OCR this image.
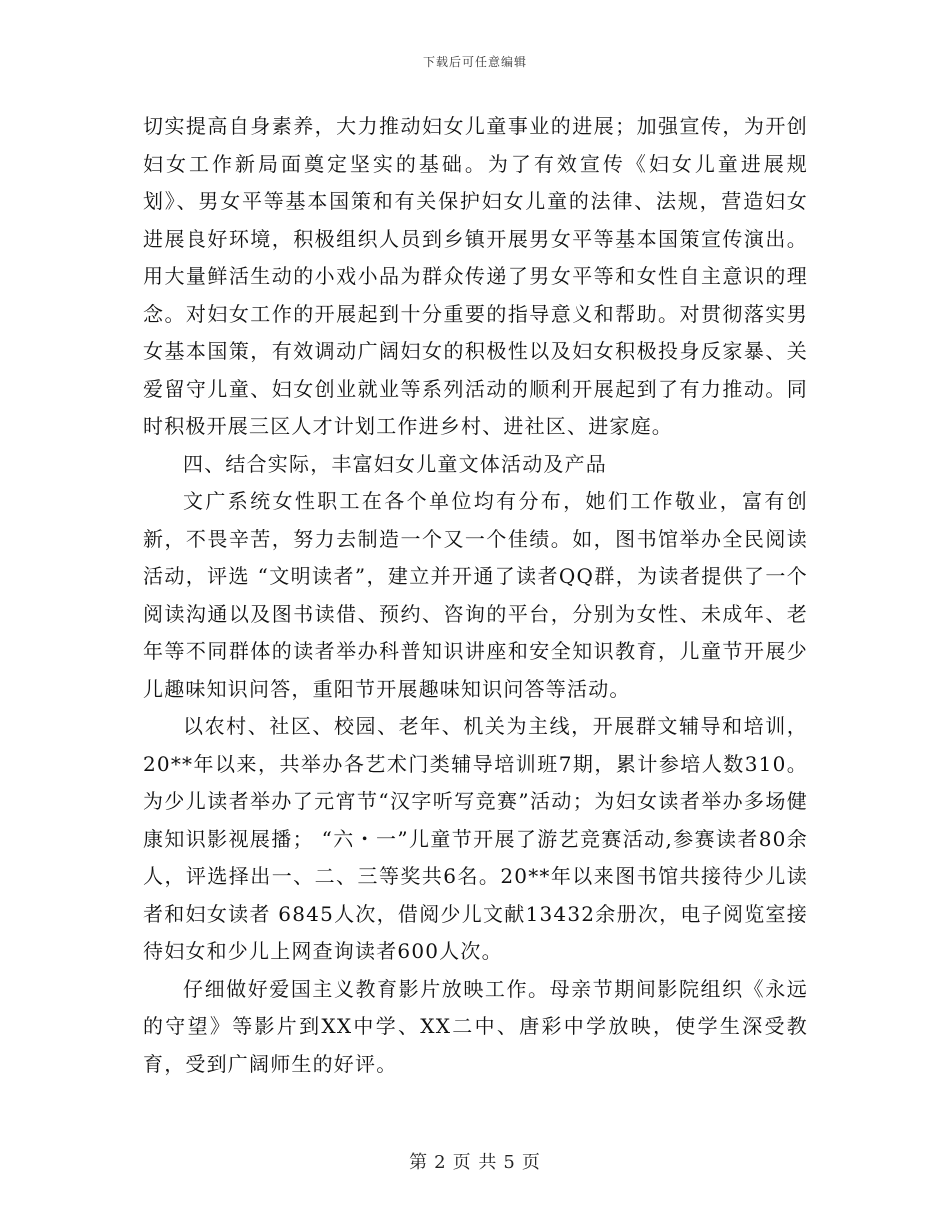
下载后可任意编辑

切实提高自身素养，大力推动妇女儿童事业的进展；加强宣传，为开创妇女工作新局面奠定坚实的基础。为了有效宣传《妇女儿童进展规划》、男女平等基本国策和有关保护妇女儿童的法律、法规，营造妇女进展良好环境，积极组织人员到乡镇开展男女平等基本国策宣传演出。用大量鲜活生动的小戏小品为群众传递了男女平等和女性自主意识的理念。对妇女工作的开展起到十分重要的指导意义和帮助。对贯彻落实男女基本国策，有效调动广阔妇女的积极性以及妇女积极投身反家暴、关爱留守儿童、妇女创业就业等系列活动的顺利开展起到了有力推动。同时积极开展三区人才计划工作进乡村、进社区、进家庭。

四、结合实际，丰富妇女儿童文体活动及产品

文广系统女性职工在各个单位均有分布，她们工作敬业，富有创新，不畏辛苦，努力去制造一个又一个佳绩。如，图书馆举办全民阅读活动，评选 “文明读者”，建立并开通了读者QQ群，为读者提供了一个阅读沟通以及图书读借、预约、咨询的平台，分别为女性、未成年、老年等不同群体的读者举办科普知识讲座和安全知识教育，儿童节开展少儿趣味知识问答，重阳节开展趣味知识问答等活动。

以农村、社区、校园、老年、机关为主线，开展群文辅导和培训，20**年以来，共举办各艺术门类辅导培训班7期，累计参培人数310。为少儿读者举办了元宵节“汉字听写竞赛”活动；为妇女读者举办多场健康知识影视展播； “六・一”儿童节开展了游艺竞赛活动,参赛读者80余人，评选择出一、二、三等奖共6名。20**年以来图书馆共接待少儿读者和妇女读者 6845人次，借阅少儿文献13432余册次，电子阅览室接待妇女和少儿上网查询读者600人次。

仔细做好爱国主义教育影片放映工作。母亲节期间影院组织《永远的守望》等影片到XX中学、XX二中、唐彩中学放映，使学生深受教育，受到广阔师生的好评。

第 2 页 共 5 页
